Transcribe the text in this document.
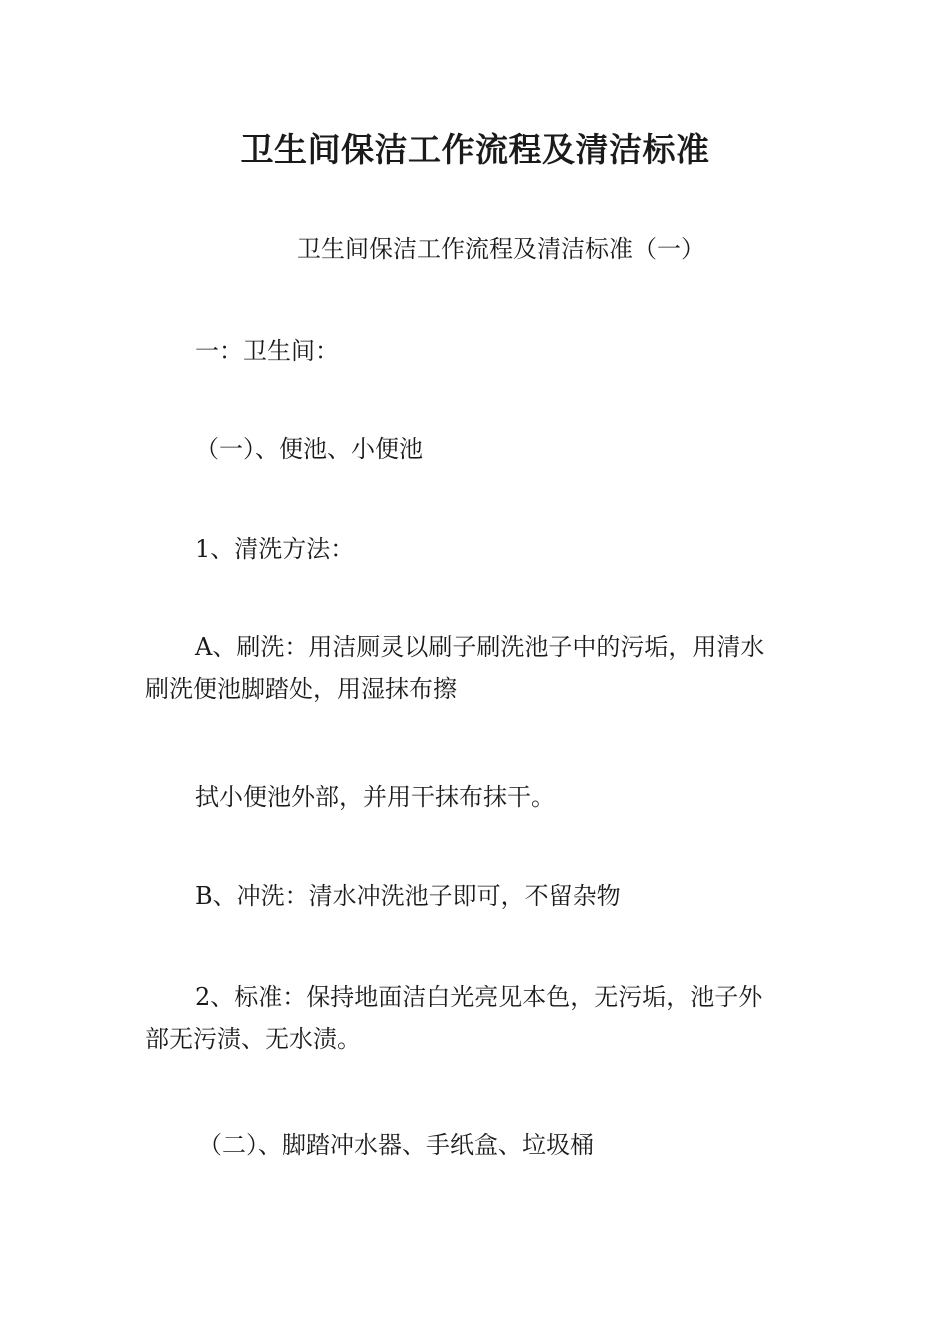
卫生间保洁工作流程及清洁标准
卫生间保洁工作流程及清洁标准（一）
一：卫生间：
（一）、便池、小便池
1、清洗方法：
A、刷洗：用洁厕灵以刷子刷洗池子中的污垢，用清水
刷洗便池脚踏处，用湿抹布擦
拭小便池外部，并用干抹布抹干。
B、冲洗：清水冲洗池子即可，不留杂物
2、标准：保持地面洁白光亮见本色，无污垢，池子外
部无污渍、无水渍。
（二）、脚踏冲水器、手纸盒、垃圾桶
